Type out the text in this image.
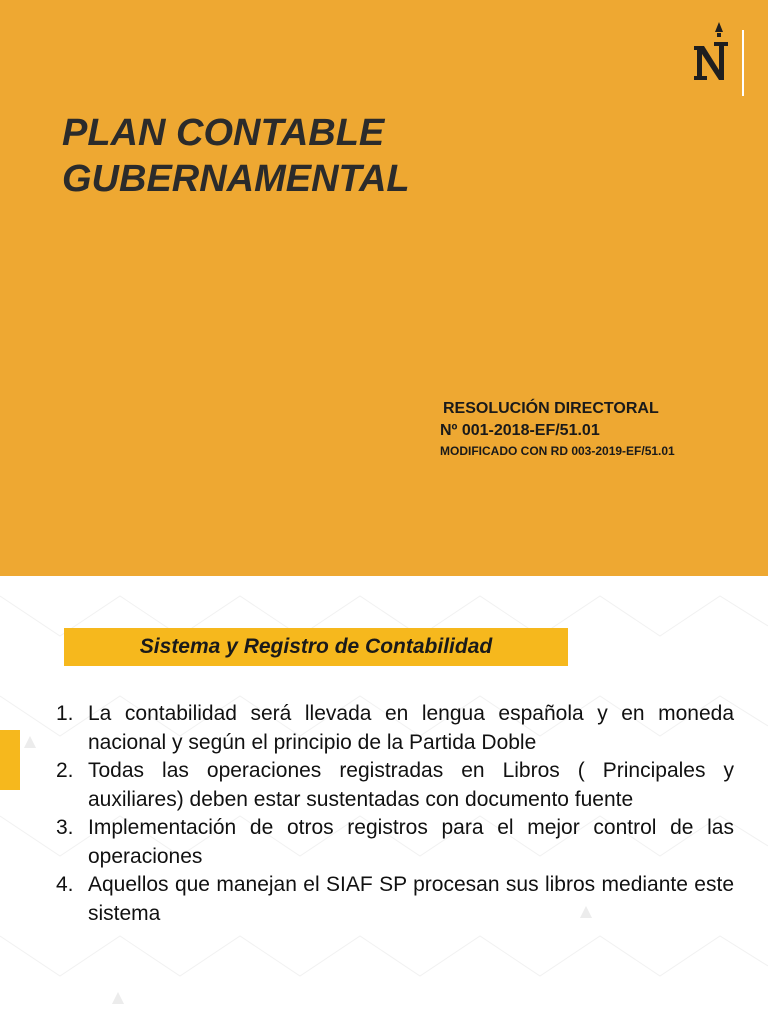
PLAN CONTABLE
GUBERNAMENTAL
RESOLUCIÓN DIRECTORAL
Nº 001-2018-EF/51.01
MODIFICADO CON RD 003-2019-EF/51.01
Sistema y Registro de Contabilidad
1. La contabilidad será llevada en lengua española y en moneda nacional y según el principio de la Partida Doble
2. Todas las operaciones registradas en Libros ( Principales y auxiliares) deben estar sustentadas con documento fuente
3. Implementación de otros registros para el mejor control de las operaciones
4. Aquellos que manejan el SIAF SP procesan sus libros mediante este sistema
